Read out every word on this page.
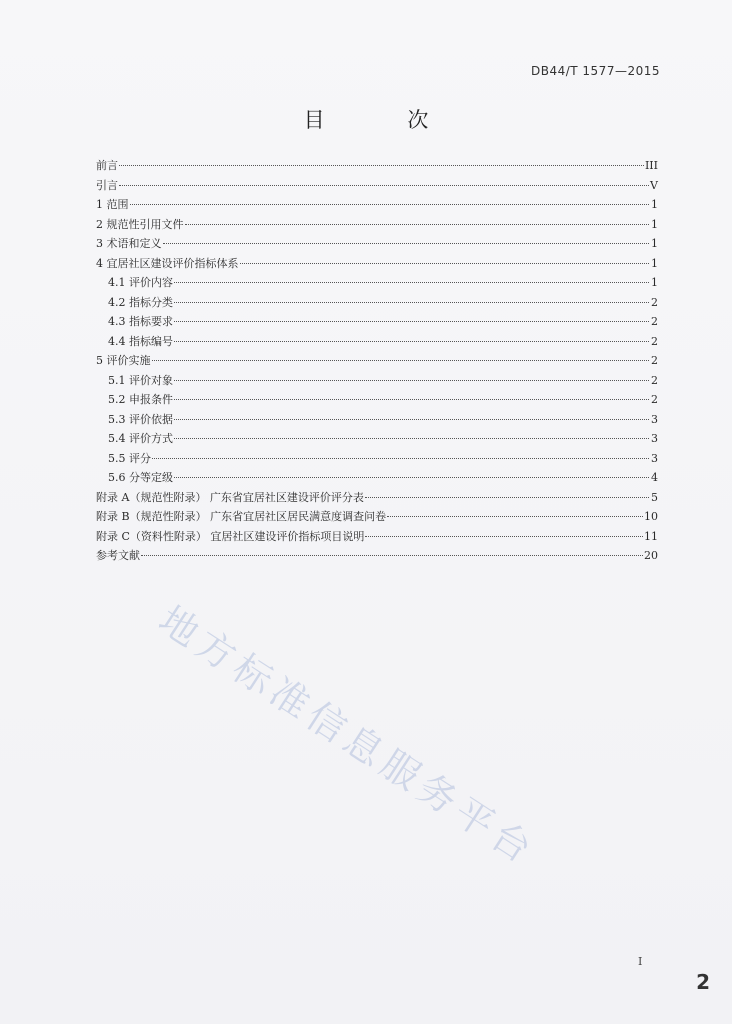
DB44/T 1577—2015
目 次
前言	III
引言	V
1 范围	1
2 规范性引用文件	1
3 术语和定义	1
4 宜居社区建设评价指标体系	1
4.1 评价内容	1
4.2 指标分类	2
4.3 指标要求	2
4.4 指标编号	2
5 评价实施	2
5.1 评价对象	2
5.2 申报条件	2
5.3 评价依据	3
5.4 评价方式	3
5.5 评分	3
5.6 分等定级	4
附录 A（规范性附录） 广东省宜居社区建设评价评分表	5
附录 B（规范性附录） 广东省宜居社区居民满意度调查问卷	10
附录 C（资料性附录） 宜居社区建设评价指标项目说明	11
参考文献	20
地方标准信息服务平台
I
2
